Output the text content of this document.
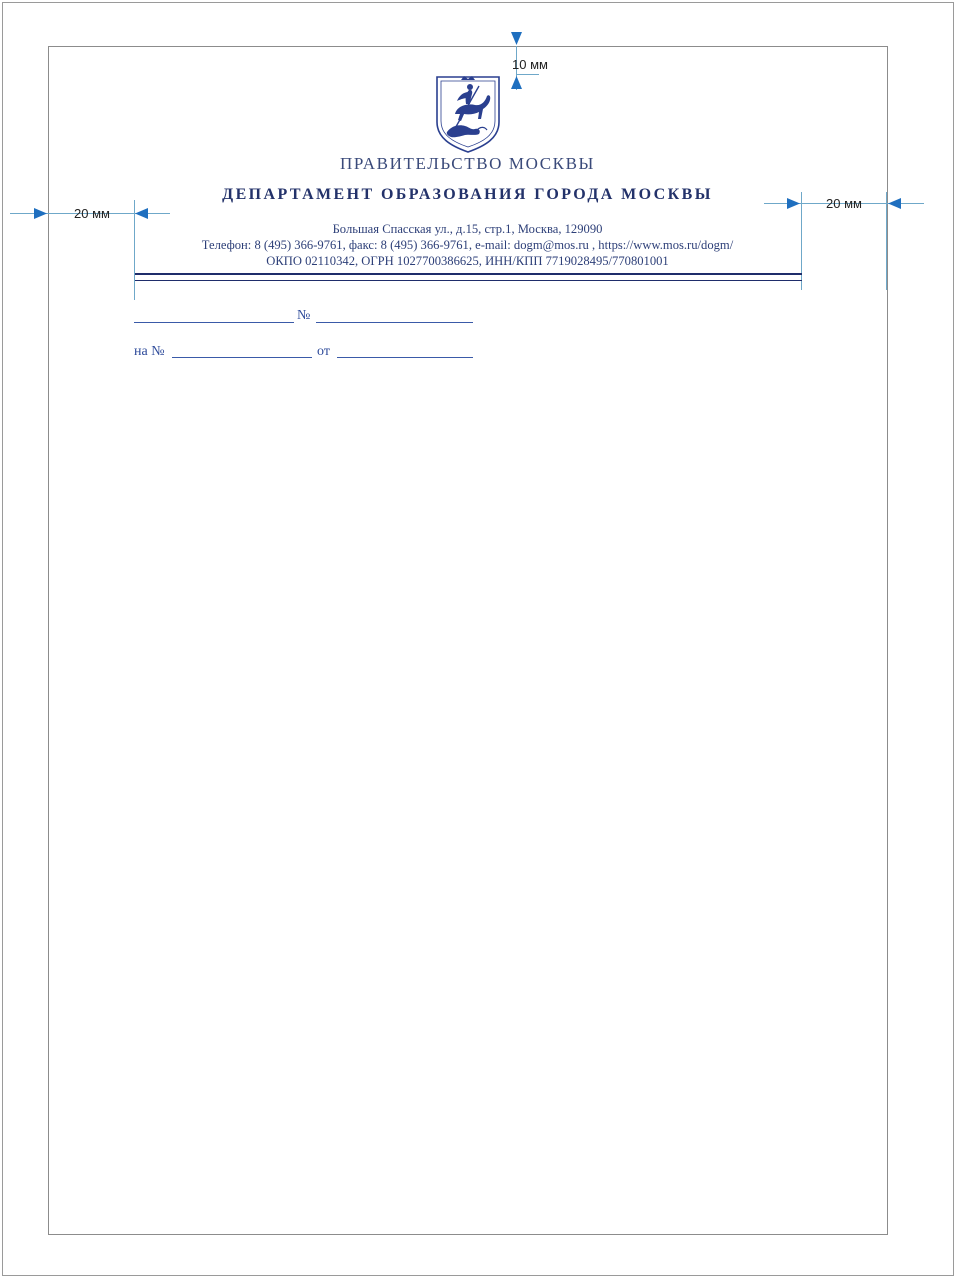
10 мм
20 мм
20 мм
ПРАВИТЕЛЬСТВО МОСКВЫ
ДЕПАРТАМЕНТ ОБРАЗОВАНИЯ ГОРОДА МОСКВЫ
Большая Спасская ул., д.15, стр.1, Москва, 129090
Телефон: 8 (495) 366-9761, факс: 8 (495) 366-9761, e-mail: dogm@mos.ru , https://www.mos.ru/dogm/
ОКПО 02110342, ОГРН 1027700386625, ИНН/КПП 7719028495/770801001
№
на №	от
